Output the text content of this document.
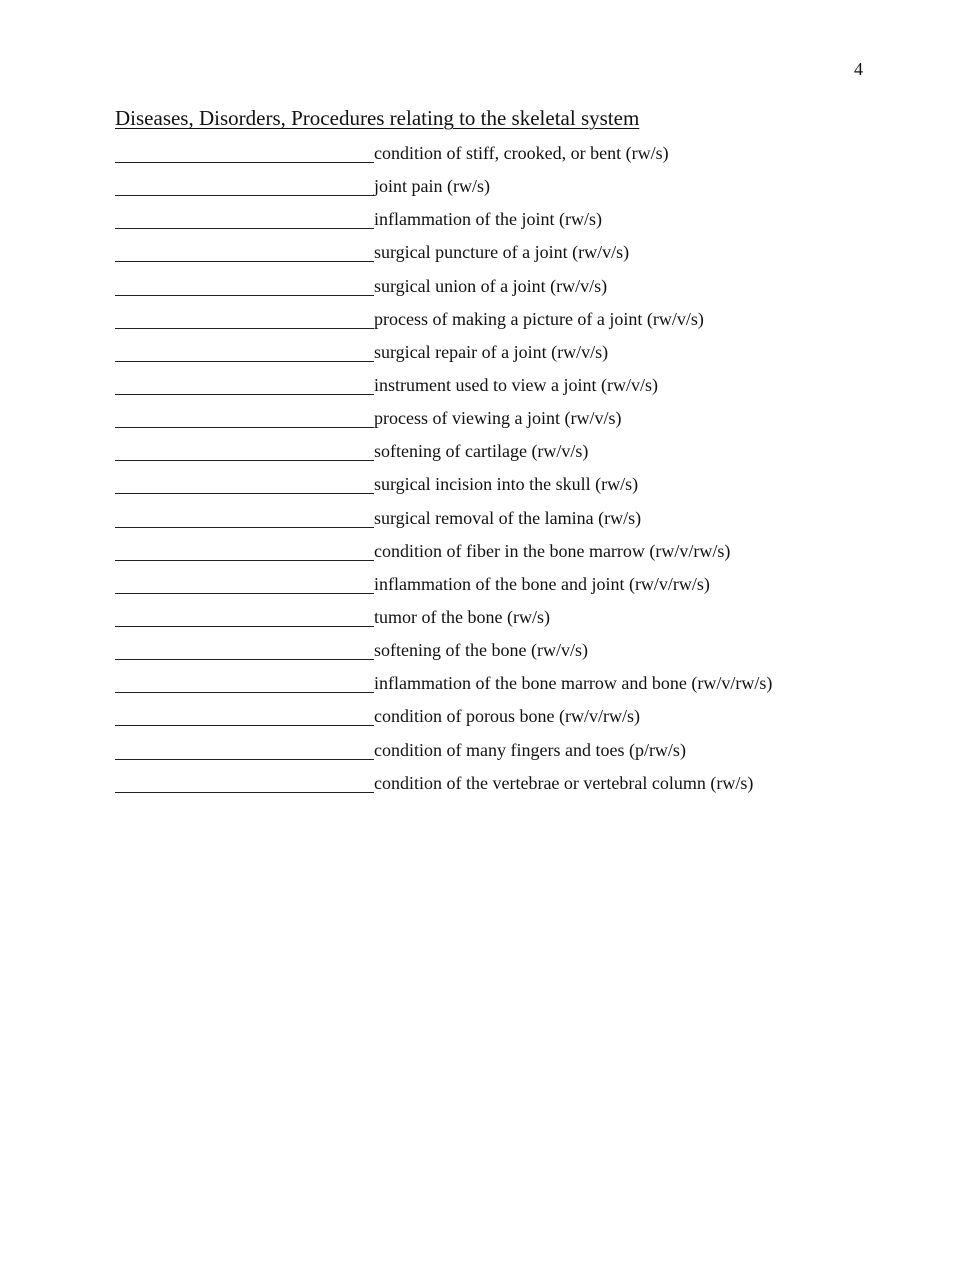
4
Diseases, Disorders, Procedures relating to the skeletal system
condition of stiff, crooked, or bent (rw/s)
joint pain (rw/s)
inflammation of the joint (rw/s)
surgical puncture of a joint (rw/v/s)
surgical union of a joint (rw/v/s)
process of making a picture of a joint (rw/v/s)
surgical repair of a joint (rw/v/s)
instrument used to view a joint (rw/v/s)
process of viewing a joint (rw/v/s)
softening of cartilage (rw/v/s)
surgical incision into the skull (rw/s)
surgical removal of the lamina (rw/s)
condition of fiber in the bone marrow (rw/v/rw/s)
inflammation of the bone and joint (rw/v/rw/s)
tumor of the bone (rw/s)
softening of the bone (rw/v/s)
inflammation of the bone marrow and bone (rw/v/rw/s)
condition of porous bone (rw/v/rw/s)
condition of many fingers and toes (p/rw/s)
condition of the vertebrae or vertebral column (rw/s)
